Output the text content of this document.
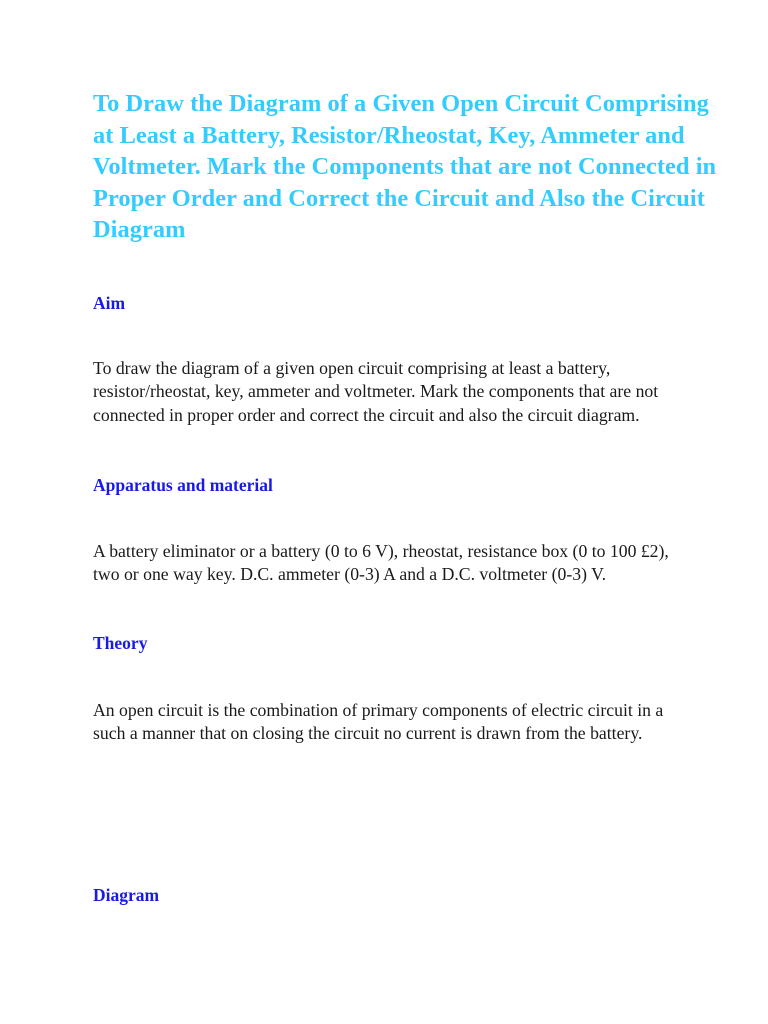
To Draw the Diagram of a Given Open Circuit Comprising at Least a Battery, Resistor/Rheostat, Key, Ammeter and Voltmeter. Mark the Components that are not Connected in Proper Order and Correct the Circuit and Also the Circuit Diagram
Aim

To draw the diagram of a given open circuit comprising at least a battery, resistor/rheostat, key, ammeter and voltmeter. Mark the components that are not connected in proper order and correct the circuit and also the circuit diagram.

Apparatus and material

A battery eliminator or a battery (0 to 6 V), rheostat, resistance box (0 to 100 £2), two or one way key. D.C. ammeter (0-3) A and a D.C. voltmeter (0-3) V.

Theory

An open circuit is the combination of primary components of electric circuit in a such a manner that on closing the circuit no current is drawn from the battery.

Diagram
